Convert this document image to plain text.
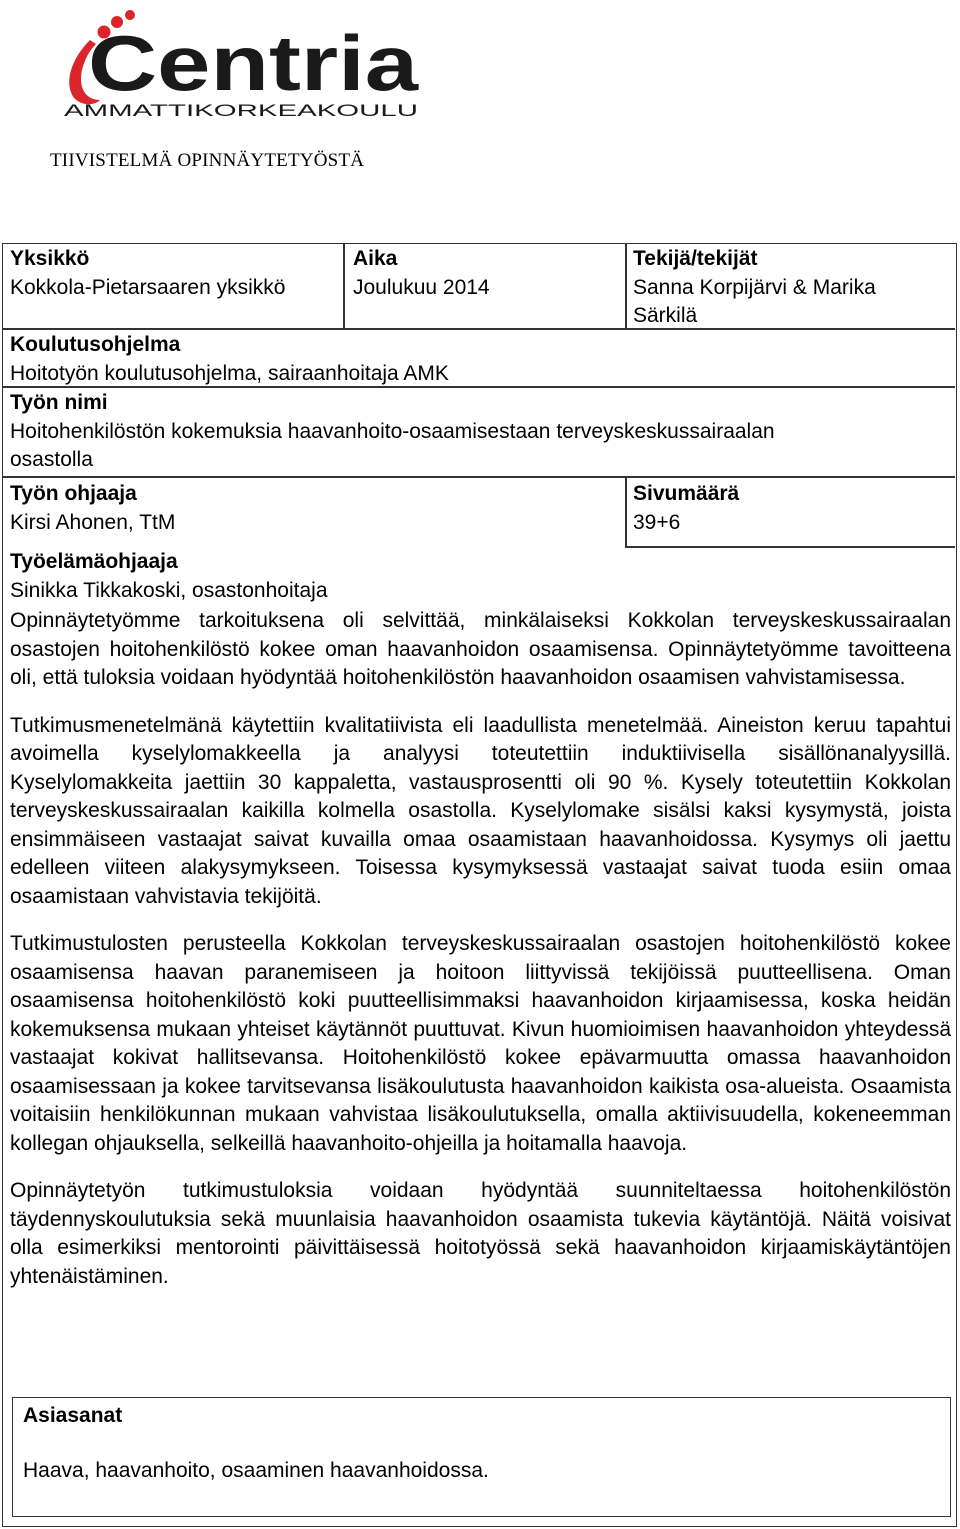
Centria
AMMATTIKORKEAKOULU
TIIVISTELMÄ OPINNÄYTETYÖSTÄ
Yksikkö
Kokkola-Pietarsaaren yksikkö
Aika
Joulukuu 2014
Tekijä/tekijät
Sanna Korpijärvi & Marika
Särkilä
Koulutusohjelma
Hoitotyön koulutusohjelma, sairaanhoitaja AMK
Työn nimi
Hoitohenkilöstön kokemuksia haavanhoito-osaamisestaan terveyskeskussairaalan
osastolla
Työn ohjaaja
Kirsi Ahonen, TtM
Sivumäärä
39+6
Työelämäohjaaja
Sinikka Tikkakoski, osastonhoitaja

Opinnäytetyömme tarkoituksena oli selvittää, minkälaiseksi Kokkolan terveyskeskussairaalan osastojen hoitohenkilöstö kokee oman haavanhoidon osaamisensa. Opinnäytetyömme tavoitteena oli, että tuloksia voidaan hyödyntää hoitohenkilöstön haavanhoidon osaamisen vahvistamisessa.

Tutkimusmenetelmänä käytettiin kvalitatiivista eli laadullista menetelmää. Aineiston keruu tapahtui avoimella kyselylomakkeella ja analyysi toteutettiin induktiivisella sisällönanalyysillä. Kyselylomakkeita jaettiin 30 kappaletta, vastausprosentti oli 90 %. Kysely toteutettiin Kokkolan terveyskeskussairaalan kaikilla kolmella osastolla. Kyselylomake sisälsi kaksi kysymystä, joista ensimmäiseen vastaajat saivat kuvailla omaa osaamistaan haavanhoidossa. Kysymys oli jaettu edelleen viiteen alakysymykseen. Toisessa kysymyksessä vastaajat saivat tuoda esiin omaa osaamistaan vahvistavia tekijöitä.

Tutkimustulosten perusteella Kokkolan terveyskeskussairaalan osastojen hoitohenkilöstö kokee osaamisensa haavan paranemiseen ja hoitoon liittyvissä tekijöissä puutteellisena. Oman osaamisensa hoitohenkilöstö koki puutteellisimmaksi haavanhoidon kirjaamisessa, koska heidän kokemuksensa mukaan yhteiset käytännöt puuttuvat. Kivun huomioimisen haavanhoidon yhteydessä vastaajat kokivat hallitsevansa. Hoitohenkilöstö kokee epävarmuutta omassa haavanhoidon osaamisessaan ja kokee tarvitsevansa lisäkoulutusta haavanhoidon kaikista osa-alueista. Osaamista voitaisiin henkilökunnan mukaan vahvistaa lisäkoulutuksella, omalla aktiivisuudella, kokeneemman kollegan ohjauksella, selkeillä haavanhoito-ohjeilla ja hoitamalla haavoja.

Opinnäytetyön tutkimustuloksia voidaan hyödyntää suunniteltaessa hoitohenkilöstön täydennyskoulutuksia sekä muunlaisia haavanhoidon osaamista tukevia käytäntöjä. Näitä voisivat olla esimerkiksi mentorointi päivittäisessä hoitotyössä sekä haavanhoidon kirjaamiskäytäntöjen yhtenäistäminen.

Asiasanat
Haava, haavanhoito, osaaminen haavanhoidossa.
